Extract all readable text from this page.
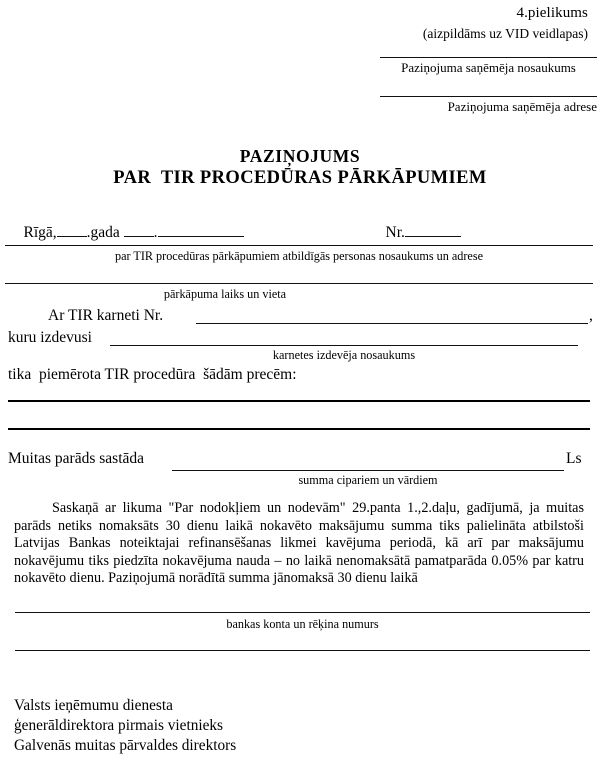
4.pielikums
(aizpildāms uz VID veidlapas)
Paziņojuma saņēmēja nosaukums
Paziņojuma saņēmēja adrese
PAZIŅOJUMS
PAR  TIR PROCEDŪRAS PĀRKĀPUMIEM

Rīgā, .gada .
	Nr.

par TIR procedūras pārkāpumiem atbildīgās personas nosaukums un adrese
pārkāpuma laiks un vieta
Ar TIR karneti Nr.	,
kuru izdevusi
karnetes izdevēja nosaukums
tika  piemērota TIR procedūra  šādām precēm:
Muitas parāds sastāda	Ls
summa cipariem un vārdiem
Saskaņā ar likuma "Par nodokļiem un nodevām" 29.panta 1.,2.daļu, gadījumā, ja muitas parāds netiks nomaksāts 30 dienu laikā nokavēto maksājumu summa tiks palielināta atbilstoši Latvijas Bankas noteiktajai refinansēšanas likmei kavējuma periodā, kā arī par maksājumu nokavējumu tiks piedzīta nokavējuma nauda – no laikā nenomaksātā pamatparāda 0.05% par katru nokavēto dienu. Paziņojumā norādītā summa jānomaksā 30 dienu laikā
bankas konta un rēķina numurs
Valsts ieņēmumu dienesta
ģenerāldirektora pirmais vietnieks
Galvenās muitas pārvaldes direktors
